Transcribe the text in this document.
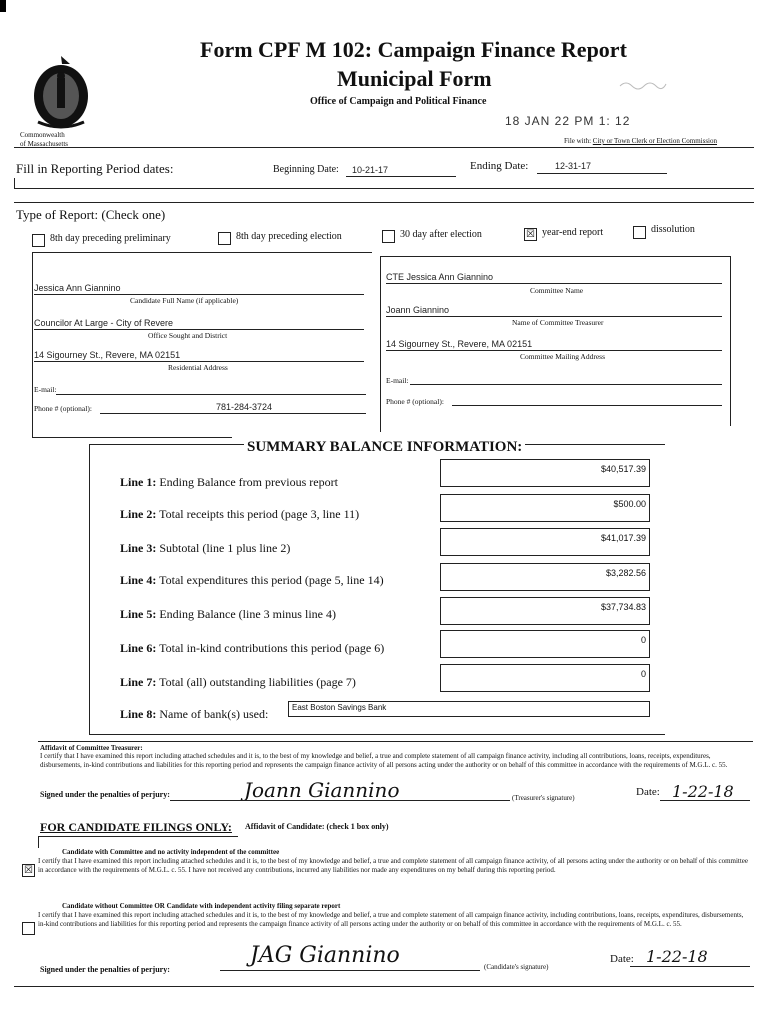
Commonwealth
of Massachusetts
Form CPF M 102: Campaign Finance Report
Municipal Form
Office of Campaign and Political Finance
18 JAN 22 PM 1: 12
File with: City or Town Clerk or Election Commission
Fill in Reporting Period dates:	Beginning Date: 10-21-17	Ending Date:	12-31-17
Type of Report: (Check one)
8th day preceding preliminary	8th day preceding election	30 day after election	☒ year-end report	dissolution
Jessica Ann Giannino
Candidate Full Name (if applicable)
Councilor At Large - City of Revere
Office Sought and District
14 Sigourney St., Revere, MA 02151
Residential Address
E-mail:
Phone # (optional):	781-284-3724
CTE Jessica Ann Giannino
Committee Name
Joann Giannino
Name of Committee Treasurer
14 Sigourney St., Revere, MA 02151
Committee Mailing Address
E-mail:
Phone # (optional):
SUMMARY BALANCE INFORMATION:
Line 1: Ending Balance from previous report
$40,517.39
Line 2: Total receipts this period (page 3, line 11)
$500.00
Line 3: Subtotal (line 1 plus line 2)
$41,017.39
Line 4: Total expenditures this period (page 5, line 14)	$3,282.56
Line 5: Ending Balance (line 3 minus line 4)	$37,734.83
Line 6: Total in-kind contributions this period (page 6)
0
Line 7: Total (all) outstanding liabilities (page 7)
0
Line 8: Name of bank(s) used:	East Boston Savings Bank
Affidavit of Committee Treasurer:
I certify that I have examined this report including attached schedules and it is, to the best of my knowledge and belief, a true and complete statement of all campaign finance activity, including all contributions, loans, receipts, expenditures, disbursements, in-kind contributions and liabilities for this reporting period and represents the campaign finance activity of all persons acting under the authority or on behalf of this committee in accordance with the requirements of M.G.L. c. 55.
Signed under the penalties of perjury:	Joann Giannino	(Treasurer's signature)	Date: 1-22-18
FOR CANDIDATE FILINGS ONLY: Affidavit of Candidate: (check 1 box only)
☒
Candidate with Committee and no activity independent of the committee
I certify that I have examined this report including attached schedules and it is, to the best of my knowledge and belief, a true and complete statement of all campaign finance activity, of all persons acting under the authority or on behalf of this committee in accordance with the requirements of M.G.L. c. 55. I have not received any contributions, incurred any liabilities nor made any expenditures on my behalf during this reporting period.
Candidate without Committee OR Candidate with independent activity filing separate report
I certify that I have examined this report including attached schedules and it is, to the best of my knowledge and belief, a true and complete statement of all campaign finance activity, including contributions, loans, receipts, expenditures, disbursements, in-kind contributions and liabilities for this reporting period and represents the campaign finance activity of all persons acting under the authority or on behalf of this committee in accordance with the requirements of M.G.L. c. 55.
Signed under the penalties of perjury:
JAG Giannino	(Candidate's signature)
Date: 1-22-18
